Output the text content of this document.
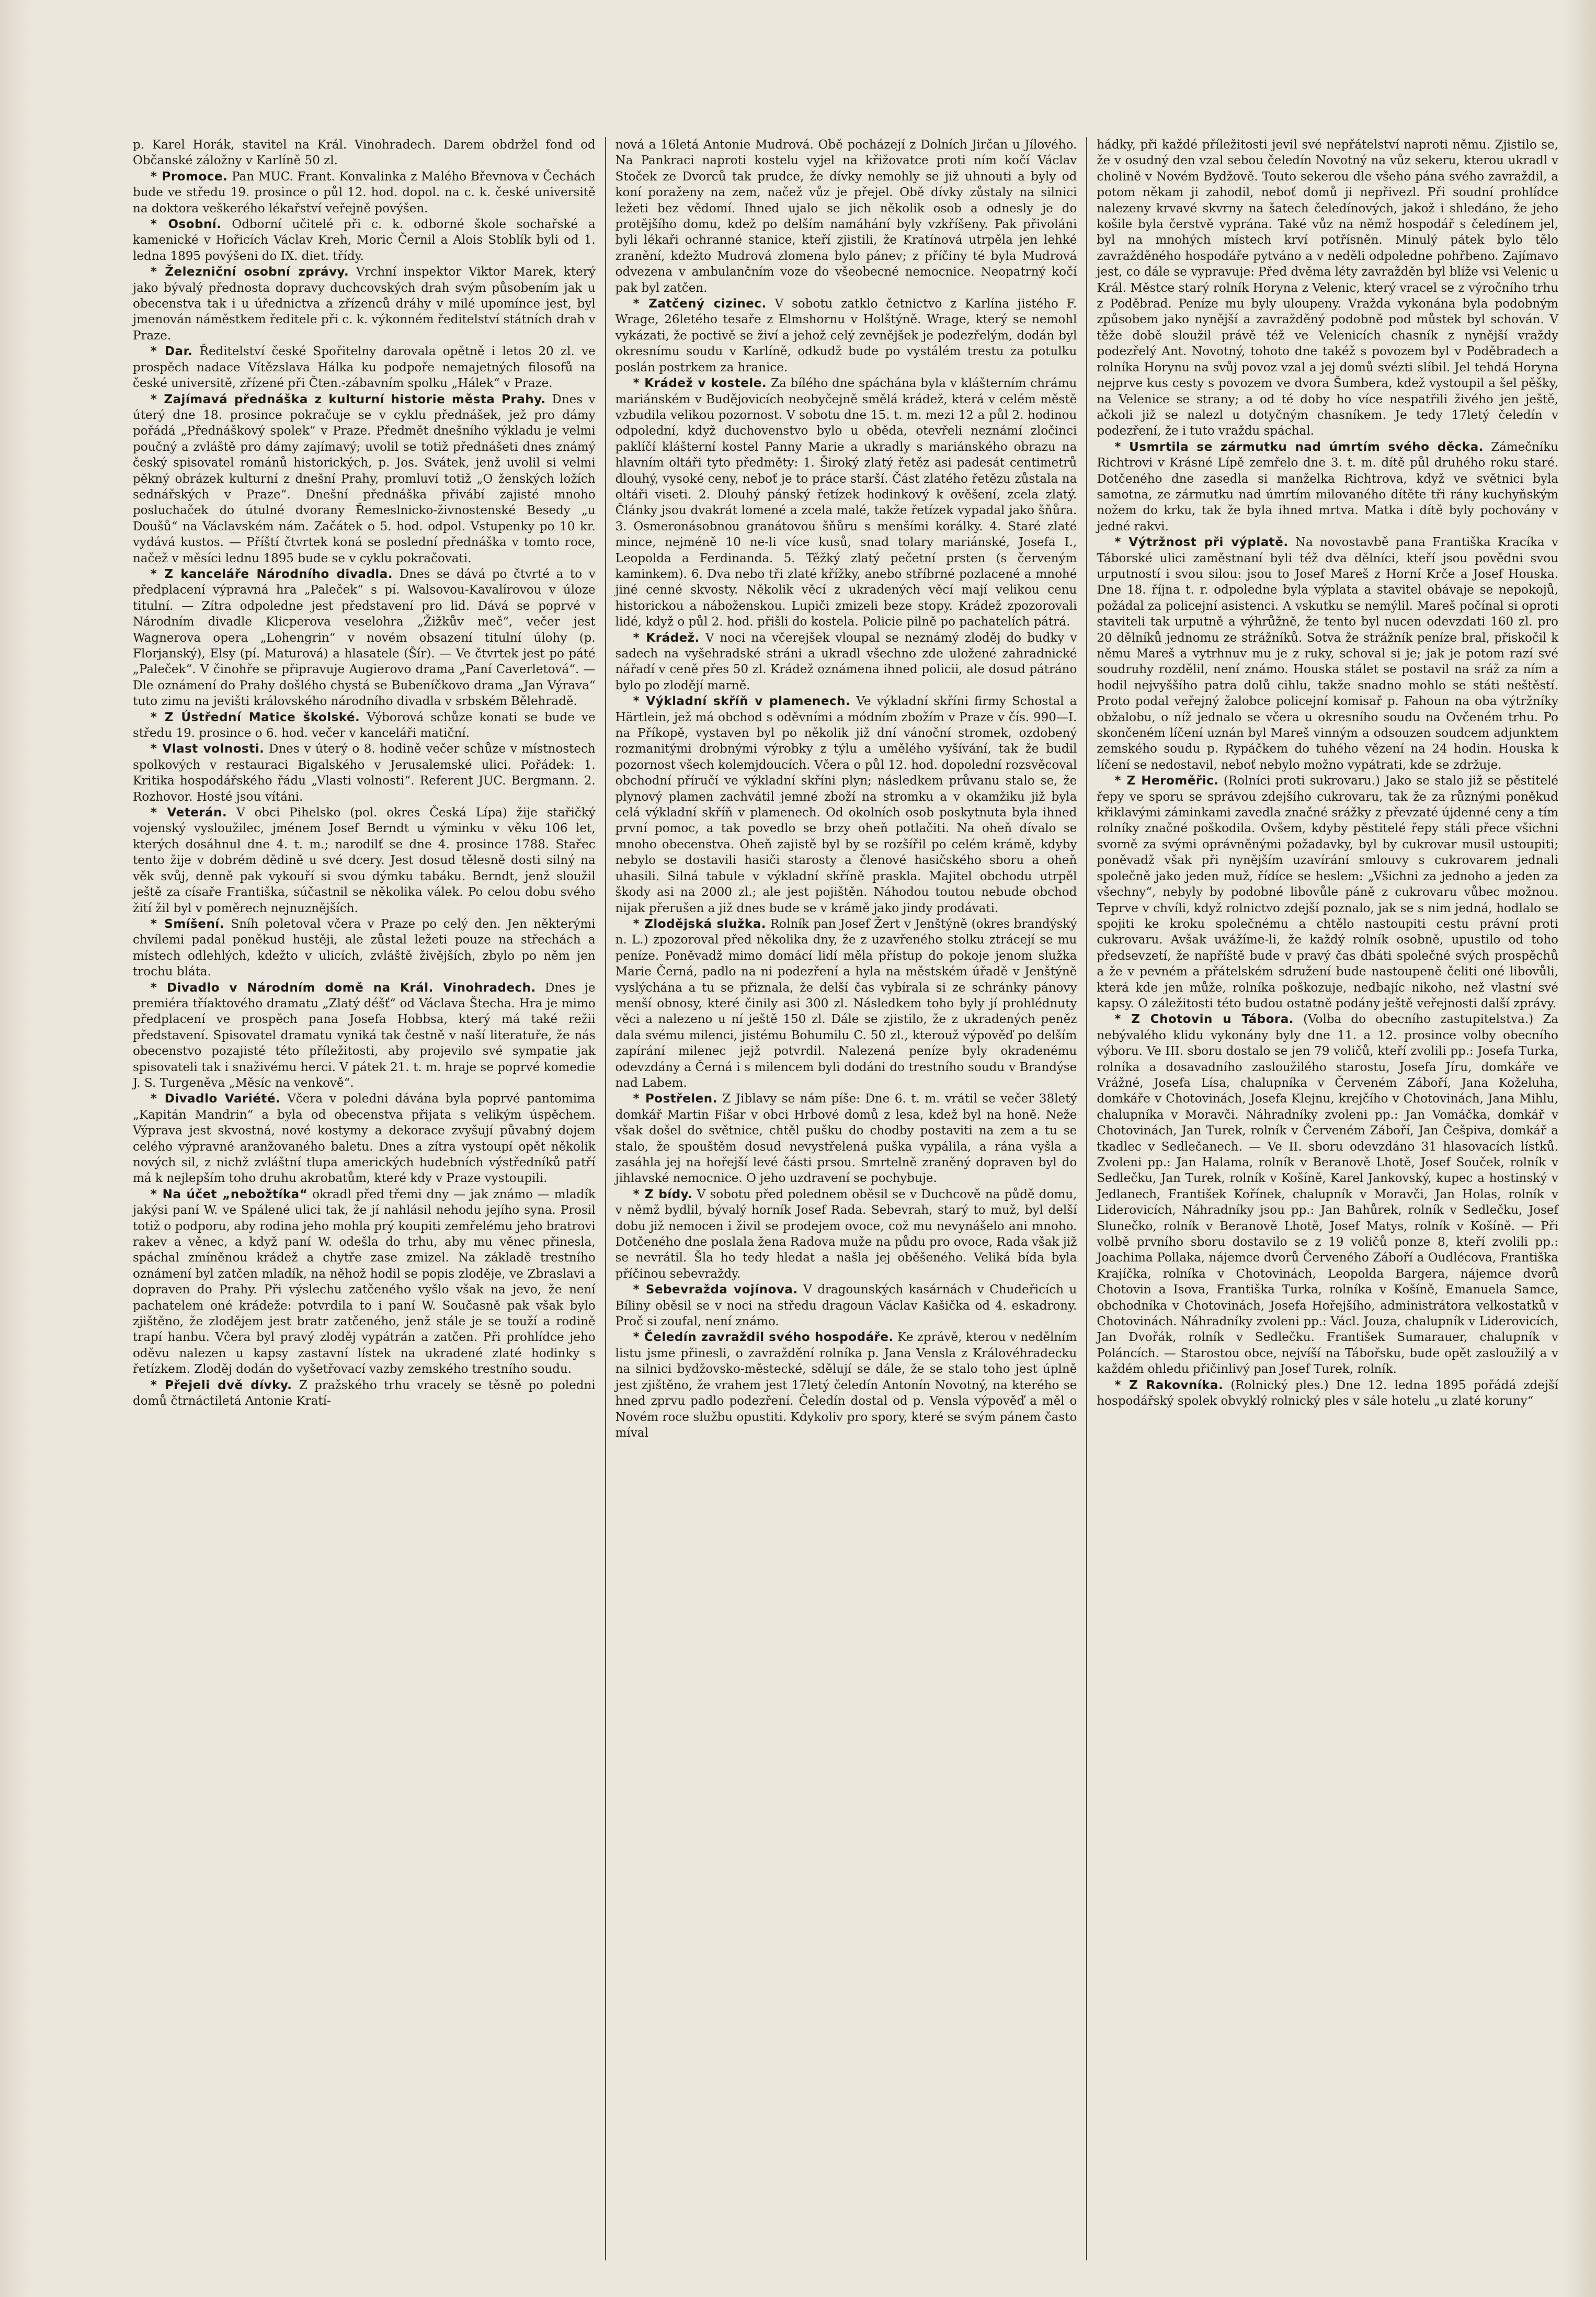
p. Karel Horák, stavitel na Král. Vinohradech. Darem obdržel fond od Občanské záložny v Karlíně 50 zl.

* Promoce. Pan MUC. Frant. Konvalinka z Malého Břevnova v Čechách bude ve středu 19. prosince o půl 12. hod. dopol. na c. k. české universitě na doktora veškerého lékařství veřejně povýšen.

* Osobní. Odborní učitelé při c. k. odborné škole sochařské a kamenické v Hořicích Václav Kreh, Moric Černil a Alois Stoblík byli od 1. ledna 1895 povýšeni do IX. diet. třídy.

* Železniční osobní zprávy. Vrchní inspektor Viktor Marek, který jako bývalý přednosta dopravy duchcovských drah svým působením jak u obecenstva tak i u úřednictva a zřízenců dráhy v milé upomínce jest, byl jmenován náměstkem ředitele při c. k. výkonném ředitelství státních drah v Praze.

* Dar. Ředitelství české Spořitelny darovala opětně i letos 20 zl. ve prospěch nadace Vítězslava Hálka ku podpoře nemajetných filosofů na české universitě, zřízené při Čten.-zábavním spolku „Hálek“ v Praze.

* Zajímavá přednáška z kulturní historie města Prahy. Dnes v úterý dne 18. prosince pokračuje se v cyklu přednášek, jež pro dámy pořádá „Přednáškový spolek“ v Praze. Předmět dnešního výkladu je velmi poučný a zvláště pro dámy zajímavý; uvolil se totiž přednášeti dnes známý český spisovatel románů historických, p. Jos. Svátek, jenž uvolil si velmi pěkný obrázek kulturní z dnešní Prahy, promluví totiž „O ženských ložích sednářských v Praze“. Dnešní přednáška přivábí zajisté mnoho posluchaček do útulné dvorany Řemeslnicko-živnostenské Besedy „u Doušů“ na Václavském nám. Začátek o 5. hod. odpol. Vstupenky po 10 kr. vydává kustos. — Příští čtvrtek koná se poslední přednáška v tomto roce, načež v měsíci lednu 1895 bude se v cyklu pokračovati.

* Z kanceláře Národního divadla. Dnes se dává po čtvrté a to v předplacení výpravná hra „Paleček“ s pí. Walsovou-Kavalírovou v úloze titulní. — Zítra odpoledne jest představení pro lid. Dává se poprvé v Národním divadle Klicperova veselohra „Žižkův meč“, večer jest Wagnerova opera „Lohengrin“ v novém obsazení titulní úlohy (p. Florjanský), Elsy (pí. Maturová) a hlasatele (Šír). — Ve čtvrtek jest po páté „Paleček“. V činohře se připravuje Augierovo drama „Paní Caverletová“. — Dle oznámení do Prahy došlého chystá se Bubeníčkovo drama „Jan Výrava“ tuto zimu na jevišti královského národního divadla v srbském Bělehradě.

* Z Ústřední Matice školské. Výborová schůze konati se bude ve středu 19. prosince o 6. hod. večer v kanceláři matiční.

* Vlast volnosti. Dnes v úterý o 8. hodině večer schůze v místnostech spolkových v restauraci Bigalského v Jerusalemské ulici. Pořádek: 1. Kritika hospodářského řádu „Vlasti volnosti“. Referent JUC. Bergmann. 2. Rozhovor. Hosté jsou vítáni.

* Veterán. V obci Pihelsko (pol. okres Česká Lípa) žije stařičký vojenský vysloužilec, jménem Josef Berndt u výminku v věku 106 let, kterých dosáhnul dne 4. t. m.; narodilť se dne 4. prosince 1788. Stařec tento žije v dobrém dědině u své dcery. Jest dosud tělesně dosti silný na věk svůj, denně pak vykouří si svou dýmku tabáku. Berndt, jenž sloužil ještě za císaře Františka, súčastnil se několika válek. Po celou dobu svého žití žil byl v poměrech nejnuznějších.

* Smíšení. Sníh poletoval včera v Praze po celý den. Jen některými chvílemi padal poněkud hustěji, ale zůstal ležeti pouze na střechách a místech odlehlých, kdežto v ulicích, zvláště živějších, zbylo po něm jen trochu bláta.

* Divadlo v Národním domě na Král. Vinohradech. Dnes je premiéra tříaktového dramatu „Zlatý déšť“ od Václava Štecha. Hra je mimo předplacení ve prospěch pana Josefa Hobbsa, který má také režii představení. Spisovatel dramatu vyniká tak čestně v naší literatuře, že nás obecenstvo pozajisté této příležitosti, aby projevilo své sympatie jak spisovateli tak i snaživému herci. V pátek 21. t. m. hraje se poprvé komedie J. S. Turgeněva „Měsíc na venkově“.

* Divadlo Variété. Včera v poledni dávána byla poprvé pantomima „Kapitán Mandrin“ a byla od obecenstva přijata s velikým úspěchem. Výprava jest skvostná, nové kostymy a dekorace zvyšují půvabný dojem celého výpravné aranžovaného baletu. Dnes a zítra vystoupí opět několik nových sil, z nichž zvláštní tlupa amerických hudebních výstředníků patří má k nejlepším toho druhu akrobatům, které kdy v Praze vystoupili.

* Na účet „nebožtíka“ okradl před třemi dny — jak známo — mladík jakýsi paní W. ve Spálené ulici tak, že jí nahlásil nehodu jejího syna. Prosil totiž o podporu, aby rodina jeho mohla prý koupiti zemřelému jeho bratrovi rakev a věnec, a když paní W. odešla do trhu, aby mu věnec přinesla, spáchal zmíněnou krádež a chytře zase zmizel. Na základě trestního oznámení byl zatčen mladík, na něhož hodil se popis zloděje, ve Zbraslavi a dopraven do Prahy. Při výslechu zatčeného vyšlo však na jevo, že není pachatelem oné krádeže: potvrdila to i paní W. Současně pak však bylo zjištěno, že zlodějem jest bratr zatčeného, jenž stále je se touží a rodině trapí hanbu. Včera byl pravý zloděj vypátrán a zatčen. Při prohlídce jeho oděvu nalezen u kapsy zastavní lístek na ukradené zlaté hodinky s řetízkem. Zloděj dodán do vyšetřovací vazby zemského trestního soudu.

* Přejeli dvě dívky. Z pražského trhu vracely se těsně po poledni domů čtrnáctiletá Antonie Kratí-

nová a 16letá Antonie Mudrová. Obě pocházejí z Dolních Jirčan u Jílového. Na Pankraci naproti kostelu vyjel na křižovatce proti ním kočí Václav Stoček ze Dvorců tak prudce, že dívky nemohly se již uhnouti a byly od koní poraženy na zem, načež vůz je přejel. Obě dívky zůstaly na silnici ležeti bez vědomí. Ihned ujalo se jich několik osob a odnesly je do protějšího domu, kdež po delším namáhání byly vzkříšeny. Pak přivoláni byli lékaři ochranné stanice, kteří zjistili, že Kratínová utrpěla jen lehké zranění, kdežto Mudrová zlomena bylo pánev; z příčiny té byla Mudrová odvezena v ambulančním voze do všeobecné nemocnice. Neopatrný kočí pak byl zatčen.

* Zatčený cizinec. V sobotu zatklo četnictvo z Karlína jistého F. Wrage, 26letého tesaře z Elmshornu v Holštýně. Wrage, který se nemohl vykázati, že poctivě se živí a jehož celý zevnějšek je podezřelým, dodán byl okresnímu soudu v Karlíně, odkudž bude po vystálém trestu za potulku poslán postrkem za hranice.

* Krádež v kostele. Za bílého dne spáchána byla v klášterním chrámu mariánském v Budějovicích neobyčejně smělá krádež, která v celém městě vzbudila velikou pozornost. V sobotu dne 15. t. m. mezi 12 a půl 2. hodinou odpolední, když duchovenstvo bylo u oběda, otevřeli neznámí zločinci paklíčí klášterní kostel Panny Marie a ukradly s mariánského obrazu na hlavním oltáři tyto předměty: 1. Široký zlatý řetěz asi padesát centimetrů dlouhý, vysoké ceny, neboť je to práce starší. Část zlatého řetězu zůstala na oltáři viseti. 2. Dlouhý pánský řetízek hodinkový k ověšení, zcela zlatý. Články jsou dvakrát lomené a zcela malé, takže řetízek vypadal jako šňůra. 3. Osmeronásobnou granátovou šňůru s menšími korálky. 4. Staré zlaté mince, nejméně 10 ne-li více kusů, snad tolary mariánské, Josefa I., Leopolda a Ferdinanda. 5. Těžký zlatý pečetní prsten (s červeným kaminkem). 6. Dva nebo tři zlaté křížky, anebo stříbrné pozlacené a mnohé jiné cenné skvosty. Několik věcí z ukradených věcí mají velikou cenu historickou a náboženskou. Lupiči zmizeli beze stopy. Krádež zpozorovali lidé, když o půl 2. hod. přišli do kostela. Policie pilně po pachatelích pátrá.

* Krádež. V noci na včerejšek vloupal se neznámý zloděj do budky v sadech na vyšehradské stráni a ukradl všechno zde uložené zahradnické nářadí v ceně přes 50 zl. Krádež oznámena ihned policii, ale dosud pátráno bylo po zlodějí marně.

* Výkladní skříň v plamenech. Ve výkladní skříni firmy Schostal a Härtlein, jež má obchod s oděvními a módním zbožím v Praze v čís. 990—I. na Příkopě, vystaven byl po několik již dní vánoční stromek, ozdobený rozmanitými drobnými výrobky z týlu a umělého vyšívání, tak že budil pozornost všech kolemjdoucích. Včera o půl 12. hod. dopolední rozsvěcoval obchodní příručí ve výkladní skříni plyn; následkem průvanu stalo se, že plynový plamen zachvátil jemné zboží na stromku a v okamžiku již byla celá výkladní skříň v plamenech. Od okolních osob poskytnuta byla ihned první pomoc, a tak povedlo se brzy oheň potlačiti. Na oheň dívalo se mnoho obecenstva. Oheň zajistě byl by se rozšířil po celém krámě, kdyby nebylo se dostavili hasiči starosty a členové hasičského sboru a oheň uhasili. Silná tabule v výkladní skříně praskla. Majitel obchodu utrpěl škody asi na 2000 zl.; ale jest pojištěn. Náhodou toutou nebude obchod nijak přerušen a již dnes bude se v krámě jako jindy prodávati.

* Zlodějská služka. Rolník pan Josef Žert v Jenštýně (okres brandýský n. L.) zpozoroval před několika dny, že z uzavřeného stolku ztrácejí se mu peníze. Poněvadž mimo domácí lidí měla přístup do pokoje jenom služka Marie Černá, padlo na ni podezření a hyla na městském úřadě v Jenštýně vyslýchána a tu se přiznala, že delší čas vybírala si ze schránky pánovy menší obnosy, které činily asi 300 zl. Následkem toho byly jí prohlédnuty věci a nalezeno u ní ještě 150 zl. Dále se zjistilo, že z ukradených peněz dala svému milenci, jistému Bohumilu C. 50 zl., kterouž výpověď po delším zapírání milenec jejž potvrdil. Nalezená peníze byly okradenému odevzdány a Černá i s milencem byli dodáni do trestního soudu v Brandýse nad Labem.

* Postřelen. Z Jiblavy se nám píše: Dne 6. t. m. vrátil se večer 38letý domkář Martin Fišar v obci Hrbové domů z lesa, kdež byl na honě. Neže však došel do světnice, chtěl pušku do chodby postaviti na zem a tu se stalo, že spouštěm dosud nevystřelená puška vypálila, a rána vyšla a zasáhla jej na hořejší levé části prsou. Smrtelně zraněný dopraven byl do jihlavské nemocnice. O jeho uzdravení se pochybuje.

* Z bídy. V sobotu před polednem oběsil se v Duchcově na půdě domu, v němž bydlil, bývalý horník Josef Rada. Sebevrah, starý to muž, byl delší dobu již nemocen i živil se prodejem ovoce, což mu nevynášelo ani mnoho. Dotčeného dne poslala žena Radova muže na půdu pro ovoce, Rada však již se nevrátil. Šla ho tedy hledat a našla jej oběšeného. Veliká bída byla příčinou sebevraždy.

* Sebevražda vojínova. V dragounských kasárnách v Chudeřicích u Bíliny oběsil se v noci na středu dragoun Václav Kašička od 4. eskadrony. Proč si zoufal, není známo.

* Čeledín zavraždil svého hospodáře. Ke zprávě, kterou v nedělním listu jsme přinesli, o zavraždění rolníka p. Jana Vensla z Královéhradecku na silnici bydžovsko-městecké, sdělují se dále, že se stalo toho jest úplně jest zjištěno, že vrahem jest 17letý čeledín Antonín Novotný, na kterého se hned zprvu padlo podezření. Čeledín dostal od p. Vensla výpověď a měl o Novém roce službu opustiti. Kdykoliv pro spory, které se svým pánem často míval

hádky, při každé příležitosti jevil své nepřátelství naproti němu. Zjistilo se, že v osudný den vzal sebou čeledín Novotný na vůz sekeru, kterou ukradl v cholině v Novém Bydžově. Touto sekerou dle všeho pána svého zavraždil, a potom někam ji zahodil, neboť domů ji nepřivezl. Při soudní prohlídce nalezeny krvavé skvrny na šatech čeledínových, jakož i shledáno, že jeho košile byla čerstvě vyprána. Také vůz na němž hospodář s čeledínem jel, byl na mnohých místech krví potřísněn. Minulý pátek bylo tělo zavražděného hospodáře pytváno a v neděli odpoledne pohřbeno. Zajímavo jest, co dále se vypravuje: Před dvěma léty zavražděn byl blíže vsi Velenic u Král. Městce starý rolník Horyna z Velenic, který vracel se z výročního trhu z Poděbrad. Peníze mu byly uloupeny. Vražda vykonána byla podobným způsobem jako nynější a zavražděný podobně pod můstek byl schován. V těže době sloužil právě též ve Velenicích chasník z nynější vraždy podezřelý Ant. Novotný, tohoto dne takéž s povozem byl v Poděbradech a rolníka Horynu na svůj povoz vzal a jej domů svézti slíbil. Jel tehdá Horyna nejprve kus cesty s povozem ve dvora Šumbera, kdež vystoupil a šel pěšky, na Velenice se strany; a od té doby ho více nespatřili živého jen ještě, ačkoli již se nalezl u dotyčným chasníkem. Je tedy 17letý čeledín v podezření, že i tuto vraždu spáchal.

* Usmrtila se zármutku nad úmrtím svého děcka. Zámečníku Richtrovi v Krásné Lípě zemřelo dne 3. t. m. dítě půl druhého roku staré. Dotčeného dne zasedla si manželka Richtrova, když ve světnici byla samotna, ze zármutku nad úmrtím milovaného dítěte tři rány kuchyňským nožem do krku, tak že byla ihned mrtva. Matka i dítě byly pochovány v jedné rakvi.

* Výtržnost při výplatě. Na novostavbě pana Františka Kracíka v Táborské ulici zaměstnaní byli též dva dělníci, kteří jsou povědni svou urputností i svou silou: jsou to Josef Mareš z Horní Krče a Josef Houska. Dne 18. října t. r. odpoledne byla výplata a stavitel obávaje se nepokojů, požádal za policejní asistenci. A vskutku se nemýlil. Mareš počínal si oproti staviteli tak urputně a výhrůžně, že tento byl nucen odevzdati 160 zl. pro 20 dělníků jednomu ze strážníků. Sotva že strážník peníze bral, přiskočil k němu Mareš a vytrhnuv mu je z ruky, schoval si je; jak je potom razí své soudruhy rozdělil, není známo. Houska stálet se postavil na sráž za ním a hodil nejvyššího patra dolů cihlu, takže snadno mohlo se státi neštěstí. Proto podal veřejný žalobce policejní komisař p. Fahoun na oba výtržníky obžalobu, o níž jednalo se včera u okresního soudu na Ovčeném trhu. Po skončeném líčení uznán byl Mareš vinným a odsouzen soudcem adjunktem zemského soudu p. Rypáčkem do tuhého vězení na 24 hodin. Houska k líčení se nedostavil, neboť nebylo možno vypátrati, kde se zdržuje.

* Z Heroměřic. (Rolníci proti sukrovaru.) Jako se stalo již se pěstitelé řepy ve sporu se správou zdejšího cukrovaru, tak že za různými poněkud křiklavými záminkami zavedla značné srážky z převzaté újdenné ceny a tím rolníky značné poškodila. Ovšem, kdyby pěstitelé řepy stáli přece všichni svorně za svými oprávněnými požadavky, byl by cukrovar musil ustoupiti; poněvadž však při nynějším uzavírání smlouvy s cukrovarem jednali společně jako jeden muž, řídíce se heslem: „Všichni za jednoho a jeden za všechny“, nebyly by podobné libovůle páně z cukrovaru vůbec možnou. Teprve v chvíli, když rolnictvo zdejší poznalo, jak se s nim jedná, hodlalo se spojiti ke kroku společnému a chtělo nastoupiti cestu právní proti cukrovaru. Avšak uvážíme-li, že každý rolník osobně, upustilo od toho předsevzetí, že napříště bude v pravý čas dbáti společné svých prospěchů a že v pevném a přátelském sdružení bude nastoupeně čeliti oné libovůli, která kde jen může, rolníka poškozuje, nedbajíc nikoho, než vlastní své kapsy. O záležitosti této budou ostatně podány ještě veřejnosti další zprávy.

* Z Chotovin u Tábora. (Volba do obecního zastupitelstva.) Za nebývalého klidu vykonány byly dne 11. a 12. prosince volby obecního výboru. Ve III. sboru dostalo se jen 79 voličů, kteří zvolili pp.: Josefa Turka, rolníka a dosavadního zasloužilého starostu, Josefa Jíru, domkáře ve Vrážné, Josefa Lísa, chalupníka v Červeném Záboří, Jana Koželuha, domkáře v Chotovinách, Josefa Klejnu, krejčího v Chotovinách, Jana Mihlu, chalupníka v Moravči. Náhradníky zvoleni pp.: Jan Vomáčka, domkář v Chotovinách, Jan Turek, rolník v Červeném Záboří, Jan Češpiva, domkář a tkadlec v Sedlečanech. — Ve II. sboru odevzdáno 31 hlasovacích lístků. Zvoleni pp.: Jan Halama, rolník v Beranově Lhotě, Josef Souček, rolník v Sedlečku, Jan Turek, rolník v Košíně, Karel Jankovský, kupec a hostinský v Jedlanech, František Kořínek, chalupník v Moravči, Jan Holas, rolník v Liderovicích, Náhradníky jsou pp.: Jan Bahůrek, rolník v Sedlečku, Josef Slunečko, rolník v Beranově Lhotě, Josef Matys, rolník v Košíně. — Při volbě prvního sboru dostavilo se z 19 voličů ponze 8, kteří zvolili pp.: Joachima Pollaka, nájemce dvorů Červeného Záboří a Oudlécova, Františka Krajíčka, rolníka v Chotovinách, Leopolda Bargera, nájemce dvorů Chotovin a Isova, Františka Turka, rolníka v Košíně, Emanuela Samce, obchodníka v Chotovinách, Josefa Hořejšího, administrátora velkostatků v Chotovinách. Náhradníky zvoleni pp.: Václ. Jouza, chalupník v Liderovicích, Jan Dvořák, rolník v Sedlečku. František Sumarauer, chalupník v Poláncích. — Starostou obce, nejvíší na Tábořsku, bude opět zasloužilý a v každém ohledu přičinlivý pan Josef Turek, rolník.

* Z Rakovníka. (Rolnický ples.) Dne 12. ledna 1895 pořádá zdejší hospodářský spolek obvyklý rolnický ples v sále hotelu „u zlaté koruny“
